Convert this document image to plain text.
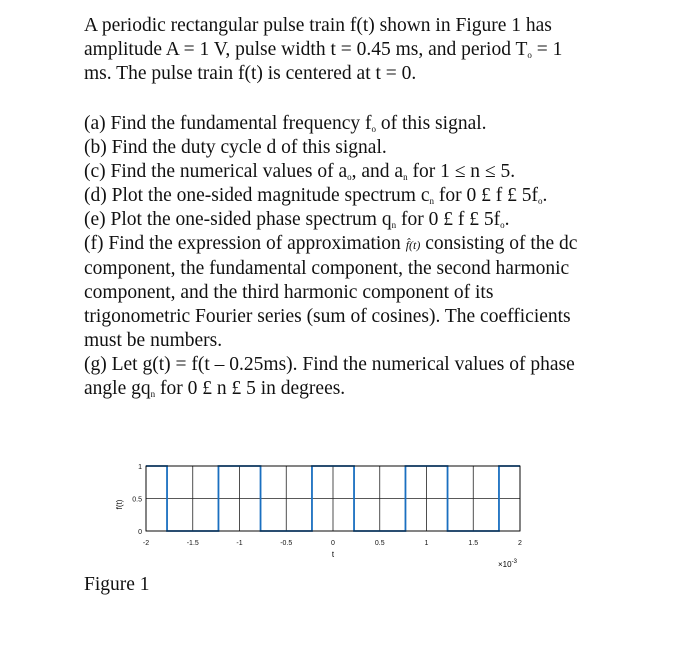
A periodic rectangular pulse train f(t) shown in Figure 1 has
amplitude A = 1 V, pulse width t = 0.45 ms, and period $T_o = 1$
ms. The pulse train f(t) is centered at t = 0.

(a) Find the fundamental frequency $f_o$ of this signal.
(b) Find the duty cycle d of this signal.
(c) Find the numerical values of $a_o$, and $a_n$ for 1 ≤ n ≤ 5.
(d) Plot the one-sided magnitude spectrum $c_n$ for 0 £ f £ $5f_o$.
(e) Plot the one-sided phase spectrum $q_n$ for 0 £ f £ $5f_o$.
(f) Find the expression of approximation f̂(t) consisting of the dc
component, the fundamental component, the second harmonic
component, and the third harmonic component of its
trigonometric Fourier series (sum of cosines). The coefficients
must be numbers.
(g) Let g(t) = f(t – 0.25ms). Find the numerical values of phase
angle $gq_n$ for 0 £ n £ 5 in degrees.

-2	-1.5	-1	-0.5	0	0.5	1	1.5	2
0
0.5
1
f(t)
t
$\times 10^{-3}$
Figure 1
